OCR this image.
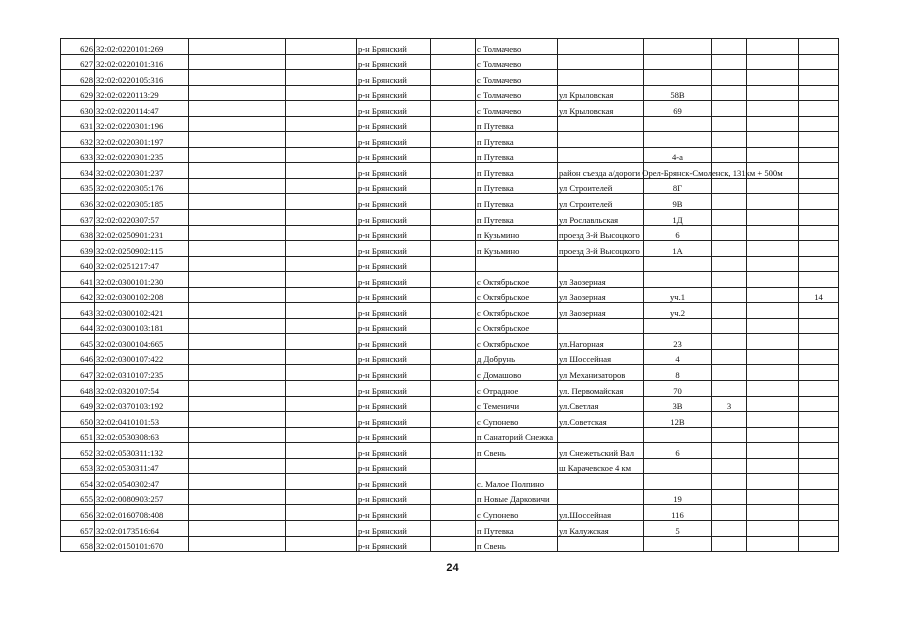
626	32:02:0220101:269			р-н Брянский		с Толмачево					
627	32:02:0220101:316			р-н Брянский		с Толмачево					
628	32:02:0220105:316			р-н Брянский		с Толмачево					
629	32:02:0220113:29			р-н Брянский		с Толмачево	ул Крыловская	58В			
630	32:02:0220114:47			р-н Брянский		с Толмачево	ул Крыловская	69			
631	32:02:0220301:196			р-н Брянский		п Путевка					
632	32:02:0220301:197			р-н Брянский		п Путевка					
633	32:02:0220301:235			р-н Брянский		п Путевка		4-а			
634	32:02:0220301:237			р-н Брянский		п Путевка	район съезда а/дороги Орел-Брянск-Смоленск, 131км + 500м				
635	32:02:0220305:176			р-н Брянский		п Путевка	ул Строителей	8Г			
636	32:02:0220305:185			р-н Брянский		п Путевка	ул Строителей	9В			
637	32:02:0220307:57			р-н Брянский		п Путевка	ул Рославльская	1Д			
638	32:02:0250901:231			р-н Брянский		п Кузьмино	проезд 3-й Высоцкого	6			
639	32:02:0250902:115			р-н Брянский		п Кузьмино	проезд 3-й Высоцкого	1А			
640	32:02:0251217:47			р-н Брянский							
641	32:02:0300101:230			р-н Брянский		с Октябрьское	ул Заозерная				
642	32:02:0300102:208			р-н Брянский		с Октябрьское	ул Заозерная	уч.1			14
643	32:02:0300102:421			р-н Брянский		с Октябрьское	ул Заозерная	уч.2			
644	32:02:0300103:181			р-н Брянский		с Октябрьское					
645	32:02:0300104:665			р-н Брянский		с Октябрьское	ул.Нагорная	23			
646	32:02:0300107:422			р-н Брянский		д Добрунь	ул Шоссейная	4			
647	32:02:0310107:235			р-н Брянский		с Домашово	ул Механизаторов	8			
648	32:02:0320107:54			р-н Брянский		с Отрадное	ул. Первомайская	70			
649	32:02:0370103:192			р-н Брянский		с Теменичи	ул.Светлая	3В	3		
650	32:02:0410101:53			р-н Брянский		с Супонево	ул.Советская	12В			
651	32:02:0530308:63			р-н Брянский		п Санаторий Снежка					
652	32:02:0530311:132			р-н Брянский		п Свень	ул Снежетьский Вал	6			
653	32:02:0530311:47			р-н Брянский			ш Карачевское 4 км				
654	32:02:0540302:47			р-н Брянский		с. Малое Полпино					
655	32:02:0080903:257			р-н Брянский		п Новые Дарковичи		19			
656	32:02:0160708:408			р-н Брянский		с Супонево	ул.Шоссейная	116			
657	32:02:0173516:64			р-н Брянский		п Путевка	ул Калужская	5			
658	32:02:0150101:670			р-н Брянский		п Свень					
24
